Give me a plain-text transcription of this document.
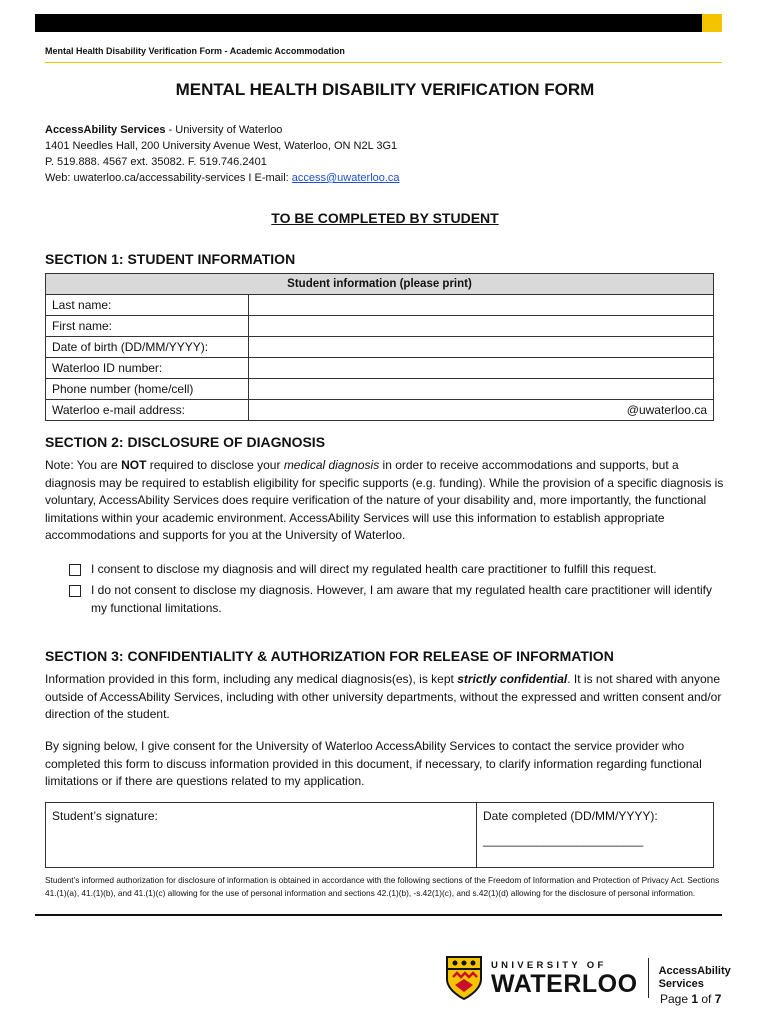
Mental Health Disability Verification Form - Academic Accommodation
MENTAL HEALTH DISABILITY VERIFICATION FORM
AccessAbility Services - University of Waterloo
1401 Needles Hall, 200 University Avenue West, Waterloo, ON N2L 3G1
P. 519.888. 4567 ext. 35082. F. 519.746.2401
Web: uwaterloo.ca/accessability-services I E-mail: access@uwaterloo.ca
TO BE COMPLETED BY STUDENT
SECTION 1: STUDENT INFORMATION
Student information (please print)	
Last name:	
First name:	
Date of birth (DD/MM/YYYY):	
Waterloo ID number:	
Phone number (home/cell)	
Waterloo e-mail address:	@uwaterloo.ca
SECTION 2: DISCLOSURE OF DIAGNOSIS
Note: You are NOT required to disclose your medical diagnosis in order to receive accommodations and supports, but a diagnosis may be required to establish eligibility for specific supports (e.g. funding). While the provision of a specific diagnosis is voluntary, AccessAbility Services does require verification of the nature of your disability and, more importantly, the functional limitations within your academic environment. AccessAbility Services will use this information to establish appropriate accommodations and supports for you at the University of Waterloo.
I consent to disclose my diagnosis and will direct my regulated health care practitioner to fulfill this request.
I do not consent to disclose my diagnosis. However, I am aware that my regulated health care practitioner will identify my functional limitations.
SECTION 3: CONFIDENTIALITY & AUTHORIZATION FOR RELEASE OF INFORMATION
Information provided in this form, including any medical diagnosis(es), is kept strictly confidential. It is not shared with anyone outside of AccessAbility Services, including with other university departments, without the expressed and written consent and/or direction of the student.
By signing below, I give consent for the University of Waterloo AccessAbility Services to contact the service provider who completed this form to discuss information provided in this document, if necessary, to clarify information regarding functional limitations or if there are questions related to my application.
Student’s signature:	Date completed (DD/MM/YYYY):
________________________
Student’s informed authorization for disclosure of information is obtained in accordance with the following sections of the Freedom of Information and Protection of Privacy Act. Sections 41.(1)(a), 41.(1)(b), and 41.(1)(c) allowing for the use of personal information and sections 42.(1)(b), -s.42(1)(c), and s.42(1)(d) allowing for the disclosure of personal information.
UNIVERSITY OF
WATERLOO AccessAbility
Services
Page 1 of 7
